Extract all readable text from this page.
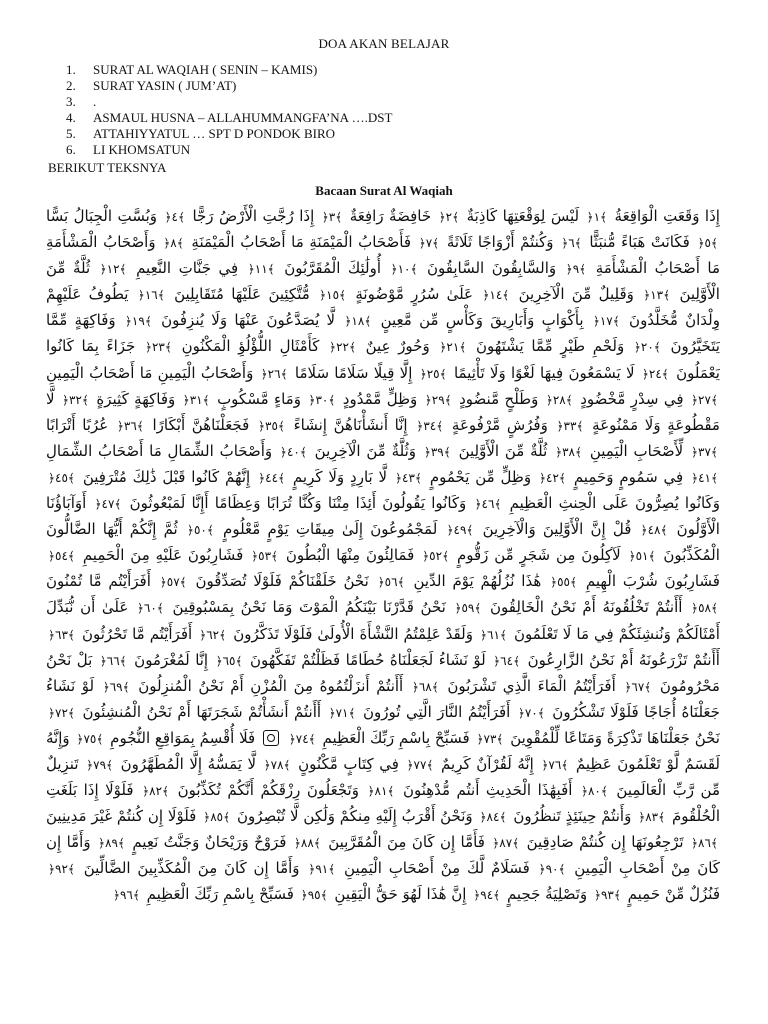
DOA AKAN BELAJAR
1.	SURAT AL WAQIAH ( SENIN – KAMIS)
2.	SURAT YASIN ( JUM’AT)
3.	.
4.	ASMAUL HUSNA – ALLAHUMMANGFA’NA ….DST
5.	ATTAHIYYATUL … SPT D PONDOK BIRO
6.	LI KHOMSATUN
BERIKUT TEKSNYA
Bacaan Surat Al Waqiah
إِذَا وَقَعَتِ الْوَاقِعَةُ ﴾١﴿ لَيْسَ لِوَقْعَتِهَا كَاذِبَةٌ ﴾٢﴿ خَافِضَةٌ رَافِعَةٌ ﴾٣﴿ إِذَا رُجَّتِ الْأَرْضُ رَجًّا ﴾٤﴿ وَبُسَّتِ الْجِبَالُ بَسًّا ﴾٥﴿ فَكَانَتْ هَبَاءً مُّنبَثًّا ﴾٦﴿ وَكُنتُمْ أَزْوَاجًا ثَلَاثَةً ﴾٧﴿ فَأَصْحَابُ الْمَيْمَنَةِ مَا أَصْحَابُ الْمَيْمَنَةِ ﴾٨﴿ وَأَصْحَابُ الْمَشْأَمَةِ مَا أَصْحَابُ الْمَشْأَمَةِ ﴾٩﴿ وَالسَّابِقُونَ السَّابِقُونَ ﴾١٠﴿ أُولَٰئِكَ الْمُقَرَّبُونَ ﴾١١﴿ فِي جَنَّاتِ النَّعِيمِ ﴾١٢﴿ ثُلَّةٌ مِّنَ الْأَوَّلِينَ ﴾١٣﴿ وَقَلِيلٌ مِّنَ الْآخِرِينَ ﴾١٤﴿ عَلَىٰ سُرُرٍ مَّوْضُونَةٍ ﴾١٥﴿ مُّتَّكِئِينَ عَلَيْهَا مُتَقَابِلِينَ ﴾١٦﴿ يَطُوفُ عَلَيْهِمْ وِلْدَانٌ مُّخَلَّدُونَ ﴾١٧﴿ بِأَكْوَابٍ وَأَبَارِيقَ وَكَأْسٍ مِّن مَّعِينٍ ﴾١٨﴿ لَّا يُصَدَّعُونَ عَنْهَا وَلَا يُنزِفُونَ ﴾١٩﴿ وَفَاكِهَةٍ مِّمَّا يَتَخَيَّرُونَ ﴾٢٠﴿ وَلَحْمِ طَيْرٍ مِّمَّا يَشْتَهُونَ ﴾٢١﴿ وَحُورٌ عِينٌ ﴾٢٢﴿ كَأَمْثَالِ اللُّؤْلُؤِ الْمَكْنُونِ ﴾٢٣﴿ جَزَاءً بِمَا كَانُوا يَعْمَلُونَ ﴾٢٤﴿ لَا يَسْمَعُونَ فِيهَا لَغْوًا وَلَا تَأْثِيمًا ﴾٢٥﴿ إِلَّا قِيلًا سَلَامًا سَلَامًا ﴾٢٦﴿ وَأَصْحَابُ الْيَمِينِ مَا أَصْحَابُ الْيَمِينِ ﴾٢٧﴿ فِي سِدْرٍ مَّخْضُودٍ ﴾٢٨﴿ وَطَلْحٍ مَّنضُودٍ ﴾٢٩﴿ وَظِلٍّ مَّمْدُودٍ ﴾٣٠﴿ وَمَاءٍ مَّسْكُوبٍ ﴾٣١﴿ وَفَاكِهَةٍ كَثِيرَةٍ ﴾٣٢﴿ لَّا مَقْطُوعَةٍ وَلَا مَمْنُوعَةٍ ﴾٣٣﴿ وَفُرُشٍ مَّرْفُوعَةٍ ﴾٣٤﴿ إِنَّا أَنشَأْنَاهُنَّ إِنشَاءً ﴾٣٥﴿ فَجَعَلْنَاهُنَّ أَبْكَارًا ﴾٣٦﴿ عُرُبًا أَتْرَابًا ﴾٣٧﴿ لِّأَصْحَابِ الْيَمِينِ ﴾٣٨﴿ ثُلَّةٌ مِّنَ الْأَوَّلِينَ ﴾٣٩﴿ وَثُلَّةٌ مِّنَ الْآخِرِينَ ﴾٤٠﴿ وَأَصْحَابُ الشِّمَالِ مَا أَصْحَابُ الشِّمَالِ ﴾٤١﴿ فِي سَمُومٍ وَحَمِيمٍ ﴾٤٢﴿ وَظِلٍّ مِّن يَحْمُومٍ ﴾٤٣﴿ لَّا بَارِدٍ وَلَا كَرِيمٍ ﴾٤٤﴿ إِنَّهُمْ كَانُوا قَبْلَ ذَٰلِكَ مُتْرَفِينَ ﴾٤٥﴿ وَكَانُوا يُصِرُّونَ عَلَى الْحِنثِ الْعَظِيمِ ﴾٤٦﴿ وَكَانُوا يَقُولُونَ أَئِذَا مِتْنَا وَكُنَّا تُرَابًا وَعِظَامًا أَإِنَّا لَمَبْعُوثُونَ ﴾٤٧﴿ أَوَآبَاؤُنَا الْأَوَّلُونَ ﴾٤٨﴿ قُلْ إِنَّ الْأَوَّلِينَ وَالْآخِرِينَ ﴾٤٩﴿ لَمَجْمُوعُونَ إِلَىٰ مِيقَاتِ يَوْمٍ مَّعْلُومٍ ﴾٥٠﴿ ثُمَّ إِنَّكُمْ أَيُّهَا الضَّالُّونَ الْمُكَذِّبُونَ ﴾٥١﴿ لَآكِلُونَ مِن شَجَرٍ مِّن زَقُّومٍ ﴾٥٢﴿ فَمَالِئُونَ مِنْهَا الْبُطُونَ ﴾٥٣﴿ فَشَارِبُونَ عَلَيْهِ مِنَ الْحَمِيمِ ﴾٥٤﴿ فَشَارِبُونَ شُرْبَ الْهِيمِ ﴾٥٥﴿ هَٰذَا نُزُلُهُمْ يَوْمَ الدِّينِ ﴾٥٦﴿ نَحْنُ خَلَقْنَاكُمْ فَلَوْلَا تُصَدِّقُونَ ﴾٥٧﴿ أَفَرَأَيْتُم مَّا تُمْنُونَ ﴾٥٨﴿ أَأَنتُمْ تَخْلُقُونَهُ أَمْ نَحْنُ الْخَالِقُونَ ﴾٥٩﴿ نَحْنُ قَدَّرْنَا بَيْنَكُمُ الْمَوْتَ وَمَا نَحْنُ بِمَسْبُوقِينَ ﴾٦٠﴿ عَلَىٰ أَن نُّبَدِّلَ أَمْثَالَكُمْ وَنُنشِئَكُمْ فِي مَا لَا تَعْلَمُونَ ﴾٦١﴿ وَلَقَدْ عَلِمْتُمُ النَّشْأَةَ الْأُولَىٰ فَلَوْلَا تَذَكَّرُونَ ﴾٦٢﴿ أَفَرَأَيْتُم مَّا تَحْرُثُونَ ﴾٦٣﴿ أَأَنتُمْ تَزْرَعُونَهُ أَمْ نَحْنُ الزَّارِعُونَ ﴾٦٤﴿ لَوْ نَشَاءُ لَجَعَلْنَاهُ حُطَامًا فَظَلْتُمْ تَفَكَّهُونَ ﴾٦٥﴿ إِنَّا لَمُغْرَمُونَ ﴾٦٦﴿ بَلْ نَحْنُ مَحْرُومُونَ ﴾٦٧﴿ أَفَرَأَيْتُمُ الْمَاءَ الَّذِي تَشْرَبُونَ ﴾٦٨﴿ أَأَنتُمْ أَنزَلْتُمُوهُ مِنَ الْمُزْنِ أَمْ نَحْنُ الْمُنزِلُونَ ﴾٦٩﴿ لَوْ نَشَاءُ جَعَلْنَاهُ أُجَاجًا فَلَوْلَا تَشْكُرُونَ ﴾٧٠﴿ أَفَرَأَيْتُمُ النَّارَ الَّتِي تُورُونَ ﴾٧١﴿ أَأَنتُمْ أَنشَأْتُمْ شَجَرَتَهَا أَمْ نَحْنُ الْمُنشِئُونَ ﴾٧٢﴿ نَحْنُ جَعَلْنَاهَا تَذْكِرَةً وَمَتَاعًا لِّلْمُقْوِينَ ﴾٧٣﴿ فَسَبِّحْ بِاسْمِ رَبِّكَ الْعَظِيمِ ﴾٧٤﴿  فَلَا أُقْسِمُ بِمَوَاقِعِ النُّجُومِ ﴾٧٥﴿ وَإِنَّهُ لَقَسَمٌ لَّوْ تَعْلَمُونَ عَظِيمٌ ﴾٧٦﴿ إِنَّهُ لَقُرْآنٌ كَرِيمٌ ﴾٧٧﴿ فِي كِتَابٍ مَّكْنُونٍ ﴾٧٨﴿ لَّا يَمَسُّهُ إِلَّا الْمُطَهَّرُونَ ﴾٧٩﴿ تَنزِيلٌ مِّن رَّبِّ الْعَالَمِينَ ﴾٨٠﴿ أَفَبِهَٰذَا الْحَدِيثِ أَنتُم مُّدْهِنُونَ ﴾٨١﴿ وَتَجْعَلُونَ رِزْقَكُمْ أَنَّكُمْ تُكَذِّبُونَ ﴾٨٢﴿ فَلَوْلَا إِذَا بَلَغَتِ الْحُلْقُومَ ﴾٨٣﴿ وَأَنتُمْ حِينَئِذٍ تَنظُرُونَ ﴾٨٤﴿ وَنَحْنُ أَقْرَبُ إِلَيْهِ مِنكُمْ وَلَٰكِن لَّا تُبْصِرُونَ ﴾٨٥﴿ فَلَوْلَا إِن كُنتُمْ غَيْرَ مَدِينِينَ ﴾٨٦﴿ تَرْجِعُونَهَا إِن كُنتُمْ صَادِقِينَ ﴾٨٧﴿ فَأَمَّا إِن كَانَ مِنَ الْمُقَرَّبِينَ ﴾٨٨﴿ فَرَوْحٌ وَرَيْحَانٌ وَجَنَّتُ نَعِيمٍ ﴾٨٩﴿ وَأَمَّا إِن كَانَ مِنْ أَصْحَابِ الْيَمِينِ ﴾٩٠﴿ فَسَلَامٌ لَّكَ مِنْ أَصْحَابِ الْيَمِينِ ﴾٩١﴿ وَأَمَّا إِن كَانَ مِنَ الْمُكَذِّبِينَ الضَّالِّينَ ﴾٩٢﴿ فَنُزُلٌ مِّنْ حَمِيمٍ ﴾٩٣﴿ وَتَصْلِيَةُ جَحِيمٍ ﴾٩٤﴿ إِنَّ هَٰذَا لَهُوَ حَقُّ الْيَقِينِ ﴾٩٥﴿ فَسَبِّحْ بِاسْمِ رَبِّكَ الْعَظِيمِ ﴾٩٦﴿
